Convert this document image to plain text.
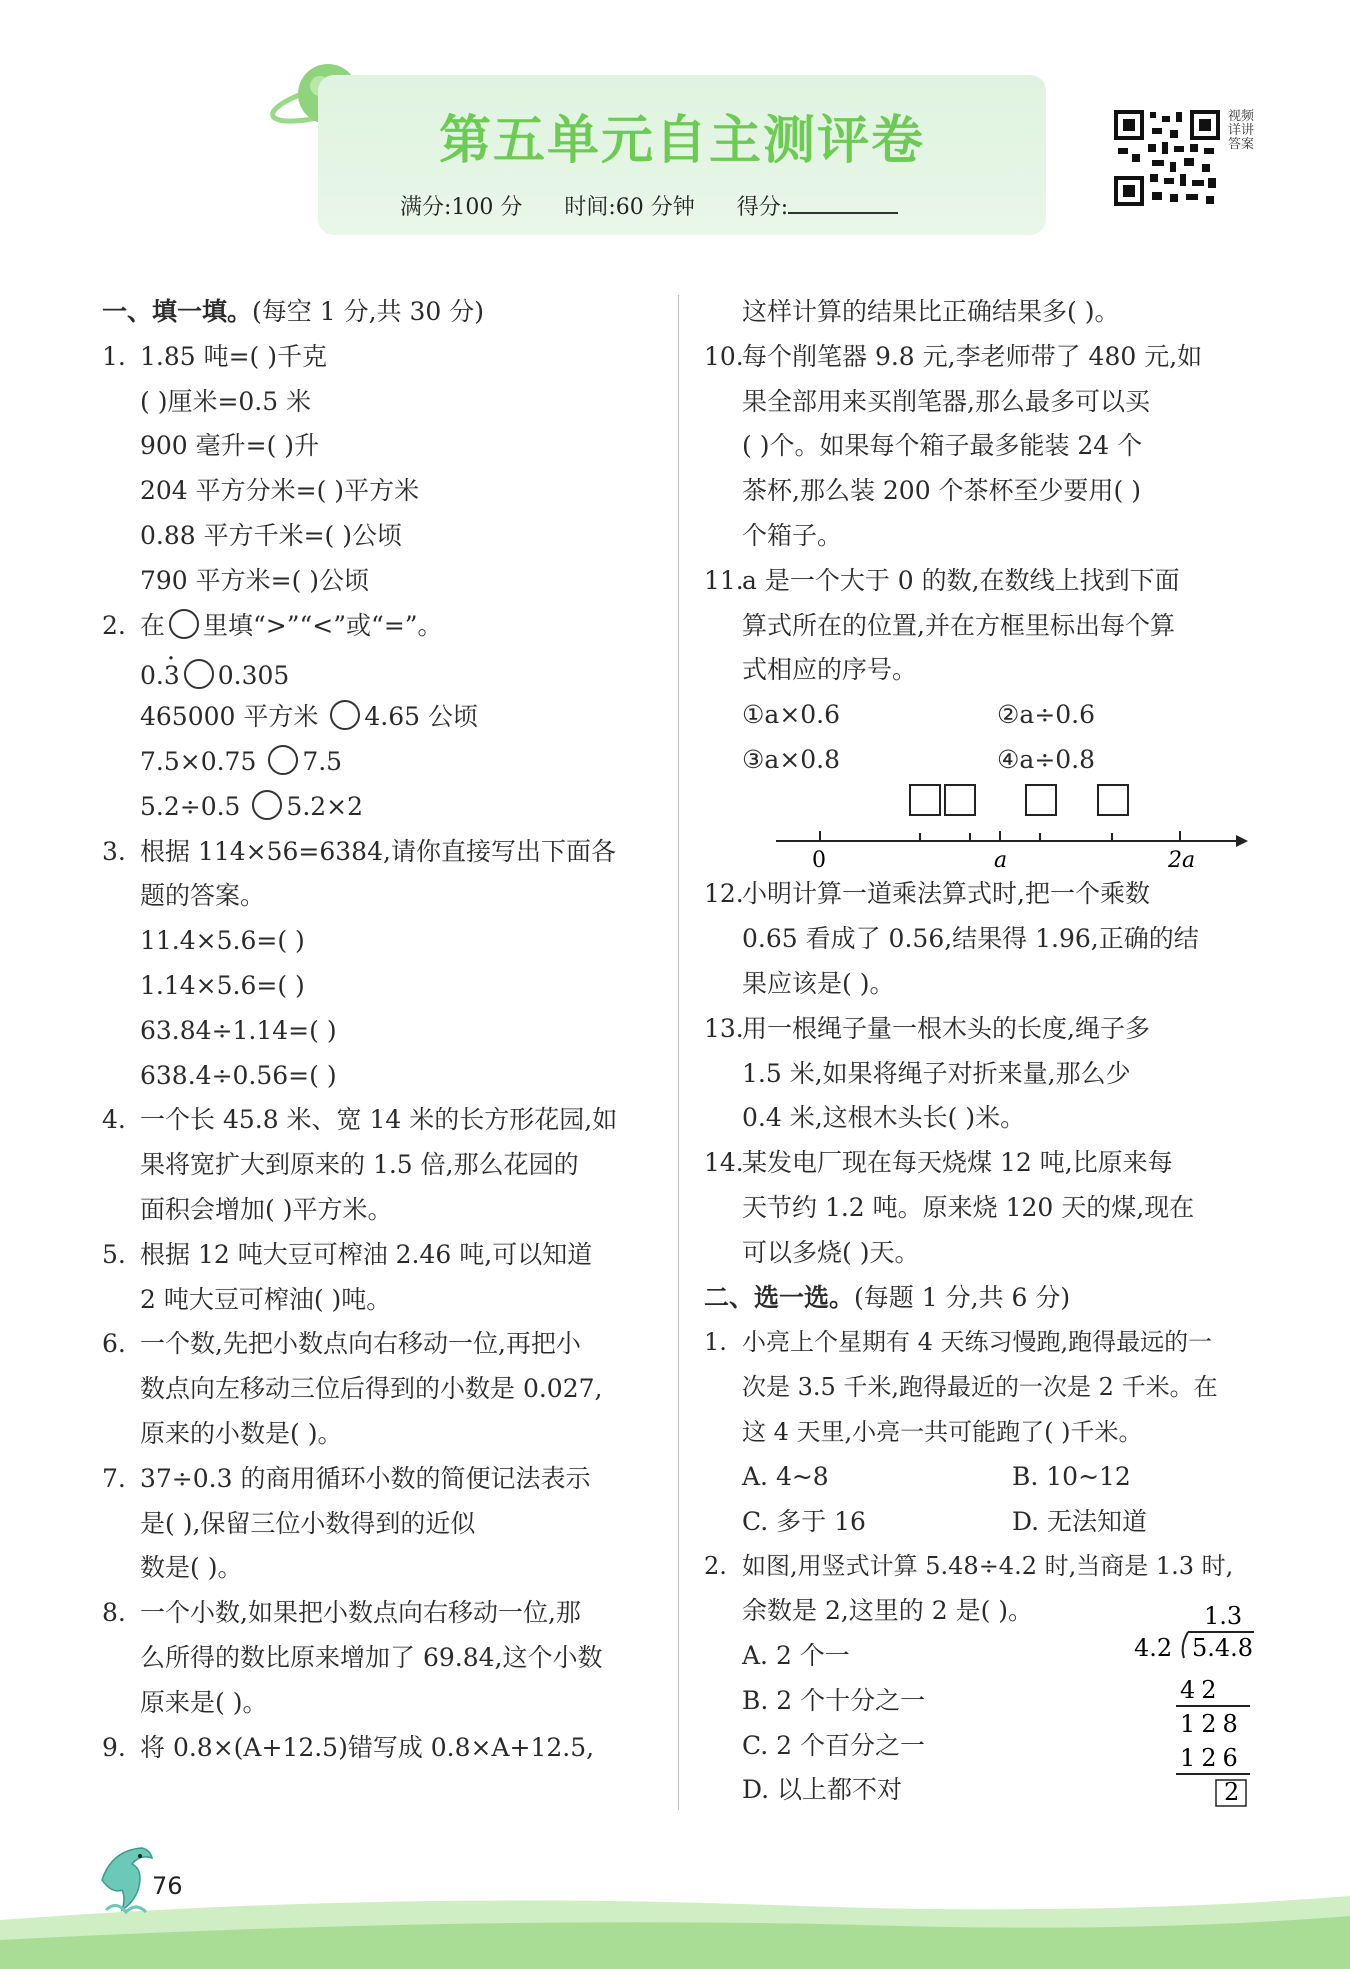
第五单元自主测评卷
满分:100 分 时间:60 分钟 得分:
视频详讲答案
一、填一填。(每空 1 分,共 30 分)
1. 1.85 吨=( )千克
( )厘米=0.5 米
900 毫升=( )升
204 平方分米=( )平方米
0.88 平方千米=( )公顷
790 平方米=( )公顷
2. 在 里填“>”“<”或“=”。
0.· 3 0.305
465000 平方米 4.65 公顷
7.5×0.75 7.5
5.2÷0.5 5.2×2
3. 根据 114×56=6384,请你直接写出下面各
题的答案。
11.4×5.6=( )
1.14×5.6=( )
63.84÷1.14=( )
638.4÷0.56=( )
4. 一个长 45.8 米、宽 14 米的长方形花园,如
果将宽扩大到原来的 1.5 倍,那么花园的
面积会增加( )平方米。
5. 根据 12 吨大豆可榨油 2.46 吨,可以知道
2 吨大豆可榨油( )吨。
6. 一个数,先把小数点向右移动一位,再把小
数点向左移动三位后得到的小数是 0.027,
原来的小数是( )。
7. 37÷0.3 的商用循环小数的简便记法表示
是( ),保留三位小数得到的近似
数是( )。
8. 一个小数,如果把小数点向右移动一位,那
么所得的数比原来增加了 69.84,这个小数
原来是( )。
9. 将 0.8×(A+12.5)错写成 0.8×A+12.5,
这样计算的结果比正确结果多( )。
10.每个削笔器 9.8 元,李老师带了 480 元,如
果全部用来买削笔器,那么最多可以买
( )个。如果每个箱子最多能装 24 个
茶杯,那么装 200 个茶杯至少要用( )
个箱子。
11.a 是一个大于 0 的数,在数线上找到下面
算式所在的位置,并在方框里标出每个算
式相应的序号。
①a×0.6	②a÷0.6
③a×0.8	④a÷0.8
12.小明计算一道乘法算式时,把一个乘数
0.65 看成了 0.56,结果得 1.96,正确的结
果应该是( )。
13.用一根绳子量一根木头的长度,绳子多
1.5 米,如果将绳子对折来量,那么少
0.4 米,这根木头长( )米。
14.某发电厂现在每天烧煤 12 吨,比原来每
天节约 1.2 吨。原来烧 120 天的煤,现在
可以多烧( )天。
二、选一选。(每题 1 分,共 6 分)
1. 小亮上个星期有 4 天练习慢跑,跑得最远的一
次是 3.5 千米,跑得最近的一次是 2 千米。在
这 4 天里,小亮一共可能跑了( )千米。
A. 4~8	B. 10~12
C. 多于 16	D. 无法知道
2. 如图,用竖式计算 5.48÷4.2 时,当商是 1.3 时,
余数是 2,这里的 2 是( )。
A. 2 个一
B. 2 个十分之一
C. 2 个百分之一
D. 以上都不对
0	a	2a
1.3
4.2 5.4.8
42
128
126
2
76
